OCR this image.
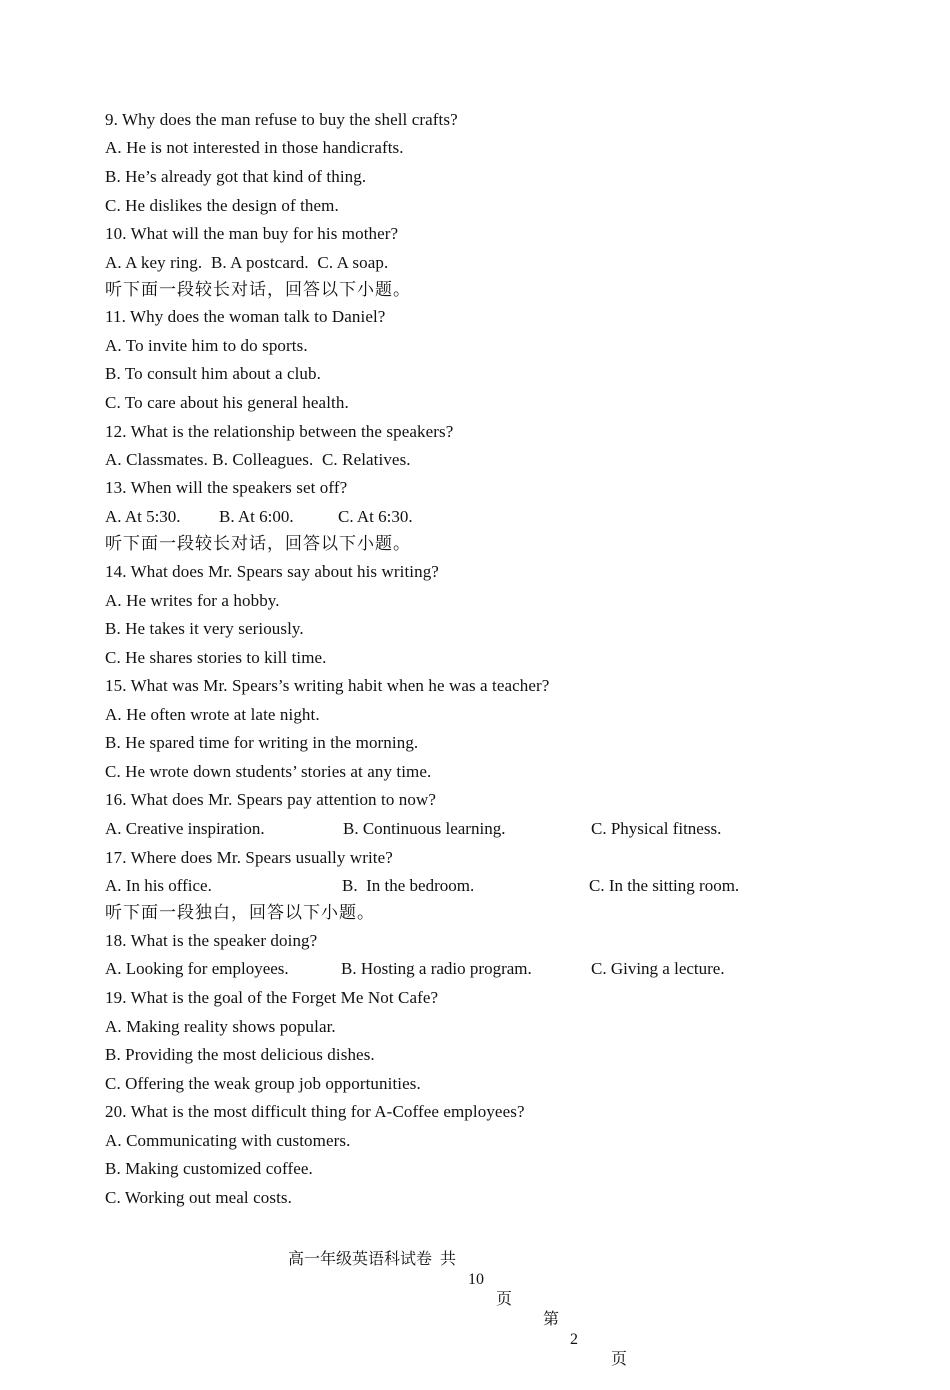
9. Why does the man refuse to buy the shell crafts?
A. He is not interested in those handicrafts.
B. He’s already got that kind of thing.
C. He dislikes the design of them.
10. What will the man buy for his mother?
A. A key ring.  B. A postcard.  C. A soap.
听下面一段较长对话，回答以下小题。
11. Why does the woman talk to Daniel?
A. To invite him to do sports.
B. To consult him about a club.
C. To care about his general health.
12. What is the relationship between the speakers?
A. Classmates. B. Colleagues.  C. Relatives.
13. When will the speakers set off?
A. At 5:30. B. At 6:00.	C. At 6:30.
听下面一段较长对话，回答以下小题。
14. What does Mr. Spears say about his writing?
A. He writes for a hobby.
B. He takes it very seriously.
C. He shares stories to kill time.
15. What was Mr. Spears’s writing habit when he was a teacher?
A. He often wrote at late night.
B. He spared time for writing in the morning.
C. He wrote down students’ stories at any time.
16. What does Mr. Spears pay attention to now?
A. Creative inspiration.	B. Continuous learning.	C. Physical fitness.
17. Where does Mr. Spears usually write?
A. In his office.	B.  In the bedroom.	C. In the sitting room.
听下面一段独白，回答以下小题。
18. What is the speaker doing?
A. Looking for employees.	B. Hosting a radio program.	C. Giving a lecture.
19. What is the goal of the Forget Me Not Cafe?
A. Making reality shows popular.
B. Providing the most delicious dishes.
C. Offering the weak group job opportunities.
20. What is the most difficult thing for A-Coffee employees?
A. Communicating with customers.
B. Making customized coffee.
C. Working out meal costs.

高一年级英语科试卷  共

10

页

第

2

页
